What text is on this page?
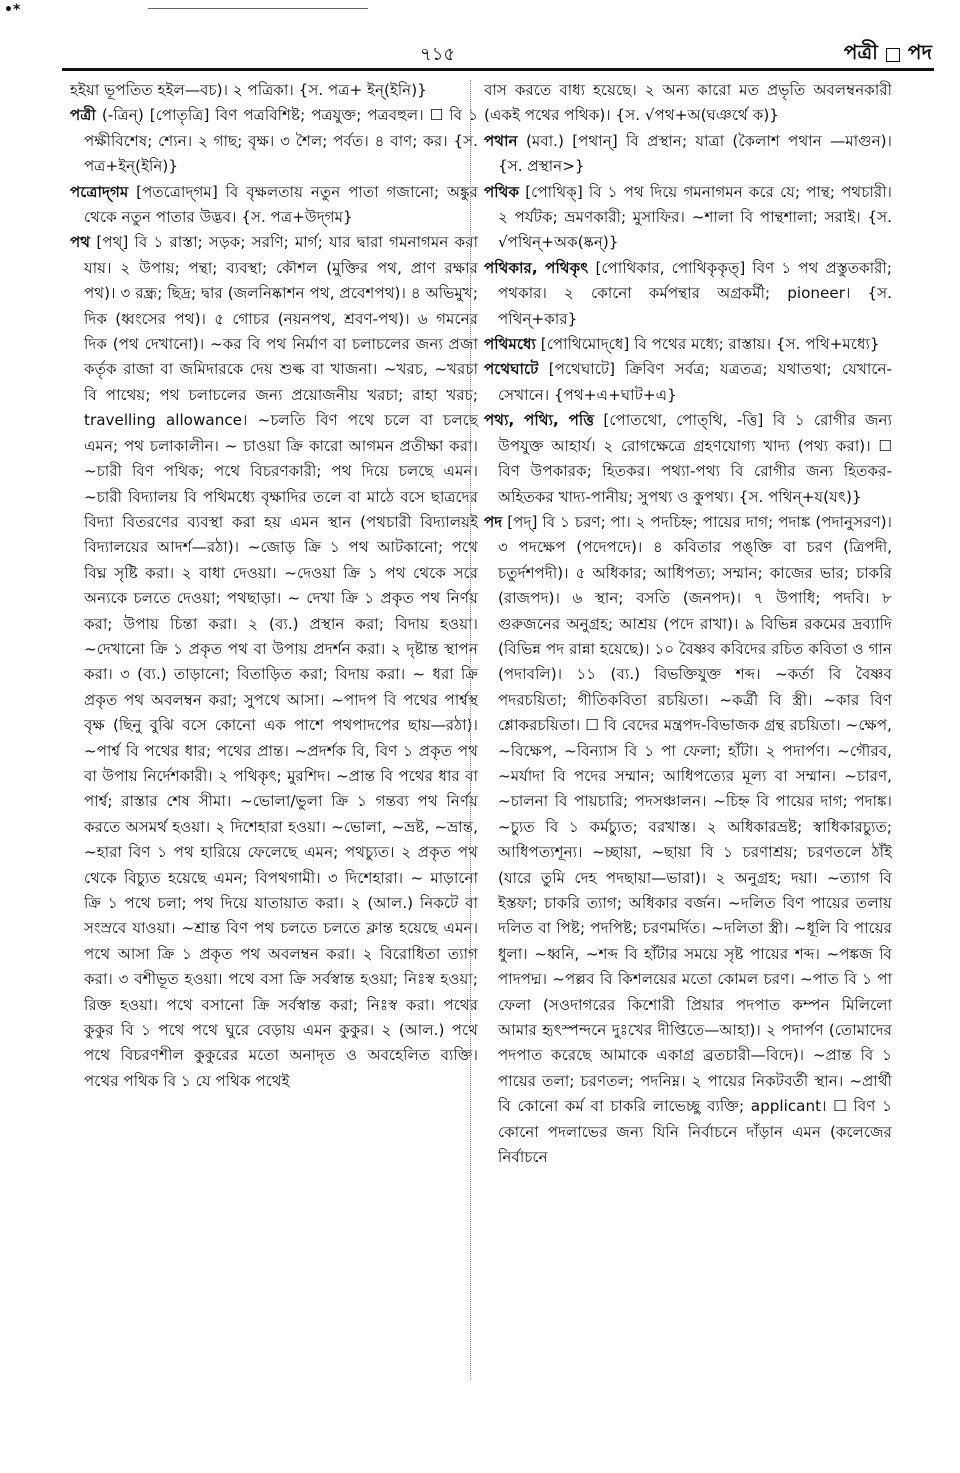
•*
৭১৫	পত্রী পদ

হইয়া ভূপতিত হইল—বচ)। ২ পত্রিকা। {স. পত্র+ ইন্‌(ইনি)}

পত্রী (-ত্রিন্) [পোতৃত্রি] বিণ পত্রবিশিষ্ট; পত্রযুক্ত; পত্রবহুল। ☐ বি ১ পক্ষীবিশেষ; শ্যেন। ২ গাছ; বৃক্ষ। ৩ শৈল; পর্বত। ৪ বাণ; কর। {স. পত্র+ইন্‌(ইনি)}

পত্রোদ্‌গম [পতত্রোদ্‌গম] বি বৃক্ষলতায় নতুন পাতা গজানো; অঙ্কুর থেকে নতুন পাতার উদ্ভব। {স. পত্র+উদ্‌গম}

পথ [পথ্] বি ১ রাস্তা; সড়ক; সরণি; মার্গ; যার দ্বারা গমনাগমন করা যায়। ২ উপায়; পন্থা; ব্যবস্থা; কৌশল (মুক্তির পথ, প্রাণ রক্ষার পথ)। ৩ রন্ধ্র; ছিদ্র; দ্বার (জলনিষ্কাশন পথ, প্রবেশপথ)। ৪ অভিমুখ; দিক (ধ্বংসের পথ)। ৫ গোচর (নয়নপথ, শ্রবণ-পথ)। ৬ গমনের দিক (পথ দেখানো)। ~কর বি পথ নির্মাণ বা চলাচলের জন্য প্রজা কর্তৃক রাজা বা জমিদারকে দেয় শুল্ক বা খাজনা। ~খরচ, ~খরচা বি পাথেয়; পথ চলাচলের জন্য প্রয়োজনীয় খরচা; রাহা খরচ; travelling allowance। ~চলতি বিণ পথে চলে বা চলছে এমন; পথ চলাকালীন। ~ চাওয়া ক্রি কারো আগমন প্রতীক্ষা করা। ~চারী বিণ পথিক; পথে বিচরণকারী; পথ দিয়ে চলছে এমন। ~চারী বিদ্যালয় বি পথিমধ্যে বৃক্ষাদির তলে বা মাঠে বসে ছাত্রদের বিদ্যা বিতরণের ব্যবস্থা করা হয় এমন স্থান (পথচারী বিদ্যালয়ই বিদ্যালয়ের আদর্শ—রঠা)। ~জোড় ক্রি ১ পথ আটকানো; পথে বিঘ্ন সৃষ্টি করা। ২ বাধা দেওয়া। ~দেওয়া ক্রি ১ পথ থেকে সরে অন্যকে চলতে দেওয়া; পথছাড়া। ~ দেখা ক্রি ১ প্রকৃত পথ নির্ণয় করা; উপায় চিন্তা করা। ২ (ব্য.) প্রস্থান করা; বিদায় হওয়া। ~দেখানো ক্রি ১ প্রকৃত পথ বা উপায় প্রদর্শন করা। ২ দৃষ্টান্ত স্থাপন করা। ৩ (ব্য.) তাড়ানো; বিতাড়িত করা; বিদায় করা। ~ ধরা ক্রি প্রকৃত পথ অবলম্বন করা; সুপথে আসা। ~পাদপ বি পথের পার্শ্বস্থ বৃক্ষ (ছিনু বুঝি বসে কোনো এক পাশে পথপাদপের ছায়—রঠা)। ~পার্শ্ব বি পথের ধার; পথের প্রান্ত। ~প্রদর্শক বি, বিণ ১ প্রকৃত পথ বা উপায় নির্দেশকারী। ২ পথিকৃৎ; মুরশিদ। ~প্রান্ত বি পথের ধার বা পার্শ্ব; রাস্তার শেষ সীমা। ~ভোলা/ভুলা ক্রি ১ গন্তব্য পথ নির্ণয় করতে অসমর্থ হওয়া। ২ দিশেহারা হওয়া। ~ভোলা, ~ভ্রষ্ট, ~ভ্রান্ত, ~হারা বিণ ১ পথ হারিয়ে ফেলেছে এমন; পথচ্যুত। ২ প্রকৃত পথ থেকে বিচ্যুত হয়েছে এমন; বিপথগামী। ৩ দিশেহারা। ~ মাড়ানো ক্রি ১ পথে চলা; পথ দিয়ে যাতায়াত করা। ২ (আল.) নিকটে বা সংস্রবে যাওয়া। ~শ্রান্ত বিণ পথ চলতে চলতে ক্লান্ত হয়েছে এমন। পথে আসা ক্রি ১ প্রকৃত পথ অবলম্বন করা। ২ বিরোধিতা ত্যাগ করা। ৩ বশীভূত হওয়া। পথে বসা ক্রি সর্বস্বান্ত হওয়া; নিঃস্ব হওয়া; রিক্ত হওয়া। পথে বসানো ক্রি সর্বস্বান্ত করা; নিঃস্ব করা। পথের কুকুর বি ১ পথে পথে ঘুরে বেড়ায় এমন কুকুর। ২ (আল.) পথে পথে বিচরণশীল কুকুরের মতো অনাদৃত ও অবহেলিত ব্যক্তি। পথের পথিক বি ১ যে পথিক পথেই

বাস করতে বাধ্য হয়েছে। ২ অন্য কারো মত প্রভৃতি অবলম্বনকারী (একই পথের পথিক)। {স. √পথ+অ(ঘঞর্থে ক)}

পথান (মবা.) [পথান্] বি প্রস্থান; যাত্রা (কৈলাশ পথান —মাগুন)। {স. প্রস্থান>}

পথিক [পোথিক্] বি ১ পথ দিয়ে গমনাগমন করে যে; পান্থ; পথচারী। ২ পর্যটক; ভ্রমণকারী; মুসাফির। ~শালা বি পান্থশালা; সরাই। {স. √পথিন্+অক(ষ্কন্)}

পথিকার, পথিকৃৎ [পোথিকার, পোথিকৃকৃত্] বিণ ১ পথ প্রস্তুতকারী; পথকার। ২ কোনো কর্মপন্থার অগ্রকর্মী; pioneer। {স. পথিন্+কার}

পথিমধ্যে [পোথিমোদ্‌ধে] বি পথের মধ্যে; রাস্তায়। {স. পথি+মধ্যে}

পথেঘাটে [পথেঘাটে] ক্রিবিণ সর্বত্র; যত্রতত্র; যথাতথা; যেখানে-সেখানে। {পথ+এ+ঘাট+এ}

পথ্য, পথ্যি, পত্তি [পোতথো, পোত্‌থি, -ত্তি] বি ১ রোগীর জন্য উপযুক্ত আহার্য। ২ রোগক্ষেত্রে গ্রহণযোগ্য খাদ্য (পথ্য করা)। ☐ বিণ উপকারক; হিতকর। পথ্যা-পথ্য বি রোগীর জন্য হিতকর-অহিতকর খাদ্য-পানীয়; সুপথ্য ও কুপথ্য। {স. পথিন্+য(যৎ)}

পদ [পদ্] বি ১ চরণ; পা। ২ পদচিহ্ন; পায়ের দাগ; পদাঙ্ক (পদানুসরণ)। ৩ পদক্ষেপ (পদেপদে)। ৪ কবিতার পঙ্‌ক্তি বা চরণ (ত্রিপদী, চতুর্দশপদী)। ৫ অধিকার; আধিপত্য; সম্মান; কাজের ভার; চাকরি (রাজপদ)। ৬ স্থান; বসতি (জনপদ)। ৭ উপাধি; পদবি। ৮ গুরুজনের অনুগ্রহ; আশ্রয় (পদে রাখা)। ৯ বিভিন্ন রকমের দ্রব্যাদি (বিভিন্ন পদ রান্না হয়েছে)। ১০ বৈষ্ণব কবিদের রচিত কবিতা ও গান (পদাবলি)। ১১ (ব্য.) বিভক্তিযুক্ত শব্দ। ~কর্তা বি বৈষ্ণব পদরচয়িতা; গীতিকবিতা রচয়িতা। ~কর্ত্রী বি স্ত্রী। ~কার বিণ শ্লোকরচয়িতা। ☐ বি বেদের মন্ত্রপদ-বিভাজক গ্রন্থ রচয়িতা। ~ক্ষেপ, ~বিক্ষেপ, ~বিন্যাস বি ১ পা ফেলা; হাঁটা। ২ পদার্পণ। ~গৌরব, ~মর্যাদা বি পদের সম্মান; আধিপত্যের মূল্য বা সম্মান। ~চারণ, ~চালনা বি পায়চারি; পদসঞ্চালন। ~চিহ্ন বি পায়ের দাগ; পদাঙ্ক। ~চ্যুত বি ১ কর্মচ্যুত; বরখাস্ত। ২ অধিকারভ্রষ্ট; স্বাধিকারচ্যুত; আধিপত্যশূন্য। ~চ্ছায়া, ~ছায়া বি ১ চরণাশ্রয়; চরণতলে ঠাঁই (যারে তুমি দেহ পদছায়া—ভারা)। ২ অনুগ্রহ; দয়া। ~ত্যাগ বি ইস্তফা; চাকরি ত্যাগ; অধিকার বর্জন। ~দলিত বিণ পায়ের তলায় দলিত বা পিষ্ট; পদপিষ্ট; চরণমর্দিত। ~দলিতা স্ত্রী। ~ধূলি বি পায়ের ধুলা। ~ধ্বনি, ~শব্দ বি হাঁটার সময়ে সৃষ্ট পায়ের শব্দ। ~পঙ্কজ বি পাদপদ্ম। ~পল্লব বি কিশলয়ের মতো কোমল চরণ। ~পাত বি ১ পা ফেলা (সওদাগরের কিশোরী প্রিয়ার পদপাত কম্পন মিলিলো আমার হৃৎস্পন্দনে দুঃখের দীপ্তিতে—আহা)। ২ পদার্পণ (তোমাদের পদপাত করেছে আমাকে একাগ্র ব্রতচারী—বিদে)। ~প্রান্ত বি ১ পায়ের তলা; চরণতল; পদনিম্ন। ২ পায়ের নিকটবর্তী স্থান। ~প্রার্থী বি কোনো কর্ম বা চাকরি লাভেচ্ছু ব্যক্তি; applicant। ☐ বিণ ১ কোনো পদলাভের জন্য যিনি নির্বাচনে দাঁড়ান এমন (কলেজের নির্বাচনে
